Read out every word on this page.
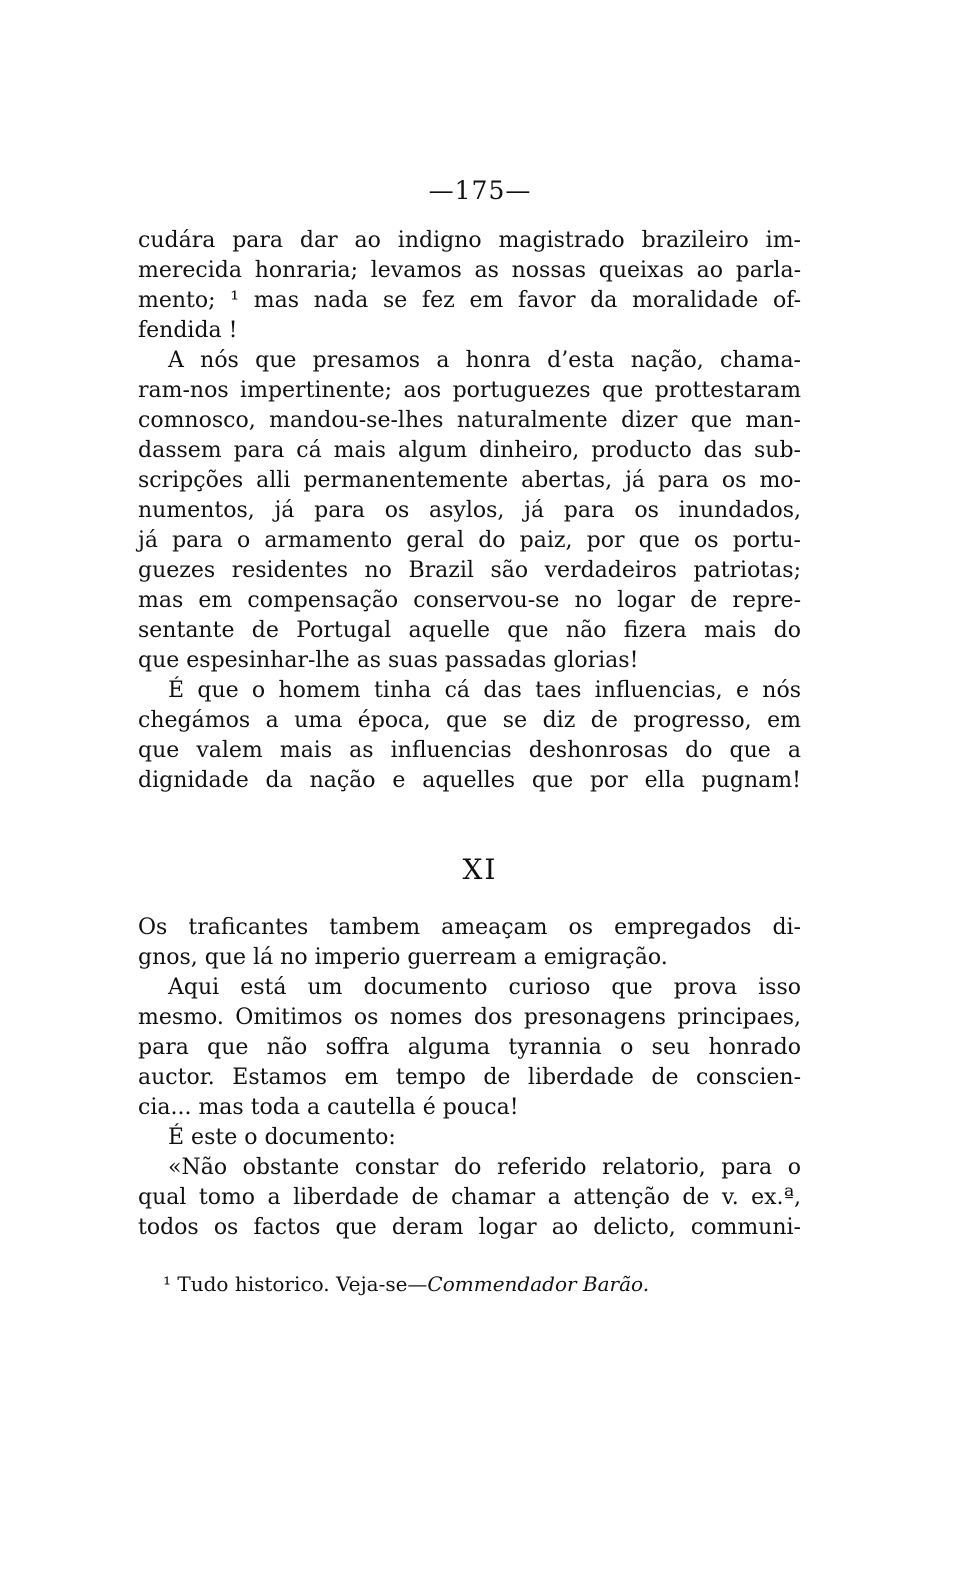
—175—
cudára para dar ao indigno magistrado brazileiro im-
merecida honraria; levamos as nossas queixas ao parla-
mento; ¹ mas nada se fez em favor da moralidade of-
fendida !
A nós que presamos a honra d’esta nação, chama-
ram-nos impertinente; aos portuguezes que prottestaram
comnosco, mandou-se-lhes naturalmente dizer que man-
dassem para cá mais algum dinheiro, producto das sub-
scripções alli permanentemente abertas, já para os mo-
numentos, já para os asylos, já para os inundados,
já para o armamento geral do paiz, por que os portu-
guezes residentes no Brazil são verdadeiros patriotas;
mas em compensação conservou-se no logar de repre-
sentante de Portugal aquelle que não fizera mais do
que espesinhar-lhe as suas passadas glorias!
É que o homem tinha cá das taes influencias, e nós
chegámos a uma época, que se diz de progresso, em
que valem mais as influencias deshonrosas do que a
dignidade da nação e aquelles que por ella pugnam!
XI
Os traficantes tambem ameaçam os empregados di-
gnos, que lá no imperio guerream a emigração.
Aqui está um documento curioso que prova isso
mesmo. Omitimos os nomes dos presonagens principaes,
para que não soffra alguma tyrannia o seu honrado
auctor. Estamos em tempo de liberdade de conscien-
cia... mas toda a cautella é pouca!
É este o documento:
«Não obstante constar do referido relatorio, para o
qual tomo a liberdade de chamar a attenção de v. ex.ª,
todos os factos que deram logar ao delicto, communi-
¹ Tudo historico. Veja-se—Commendador Barão.
